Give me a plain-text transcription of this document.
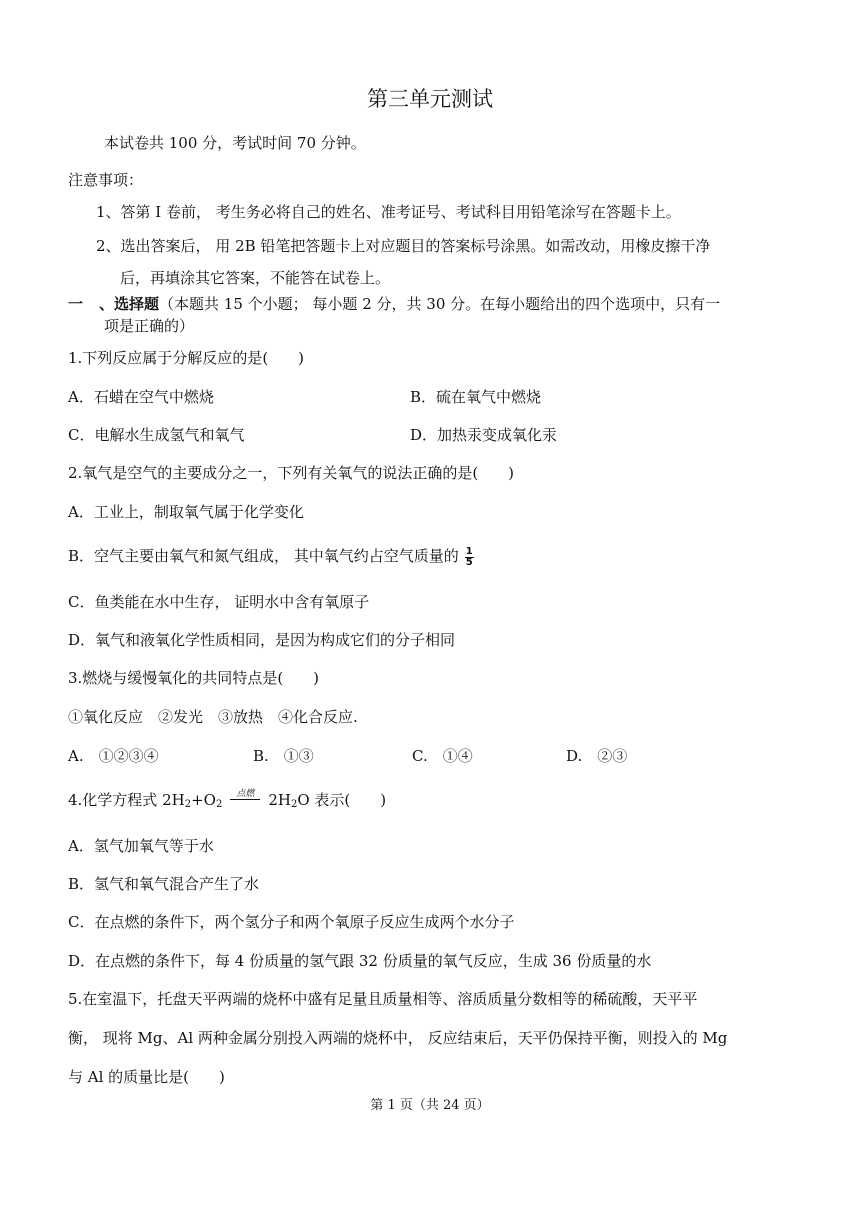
第三单元测试
本试卷共 100 分，考试时间 70 分钟。
注意事项：
1、答第 I 卷前， 考生务必将自己的姓名、准考证号、考试科目用铅笔涂写在答题卡上。
2、选出答案后， 用 2B 铅笔把答题卡上对应题目的答案标号涂黑。如需改动，用橡皮擦干净
后，再填涂其它答案，不能答在试卷上。
一 、选择题（本题共 15 个小题； 每小题 2 分，共 30 分。在每小题给出的四个选项中，只有一
项是正确的）
1.下列反应属于分解反应的是(　　)
A．石蜡在空气中燃烧	B．硫在氧气中燃烧
C．电解水生成氢气和氧气	D．加热汞变成氧化汞
2.氧气是空气的主要成分之一，下列有关氧气的说法正确的是(　　)
A．工业上，制取氧气属于化学变化
B．空气主要由氧气和氮气组成， 其中氧气约占空气质量的 $\frac{1}{5}$
C．鱼类能在水中生存， 证明水中含有氧原子
D．氧气和液氧化学性质相同，是因为构成它们的分子相同
3.燃烧与缓慢氧化的共同特点是(　　)
①氧化反应　②发光　③放热　④化合反应.
A.　①②③④	B.　①③	C.　①④	D.　②③
4.化学方程式 $2H_2+O_2$
点燃 $2H_2O$ 表示(　　)
A．氢气加氧气等于水
B．氢气和氧气混合产生了水
C．在点燃的条件下，两个氢分子和两个氧原子反应生成两个水分子
D．在点燃的条件下，每 4 份质量的氢气跟 32 份质量的氧气反应，生成 36 份质量的水
5.在室温下，托盘天平两端的烧杯中盛有足量且质量相等、溶质质量分数相等的稀硫酸，天平平
衡， 现将 Mg、Al 两种金属分别投入两端的烧杯中， 反应结束后，天平仍保持平衡，则投入的 Mg
与 Al 的质量比是(　　)
第 1 页（共 24 页）
